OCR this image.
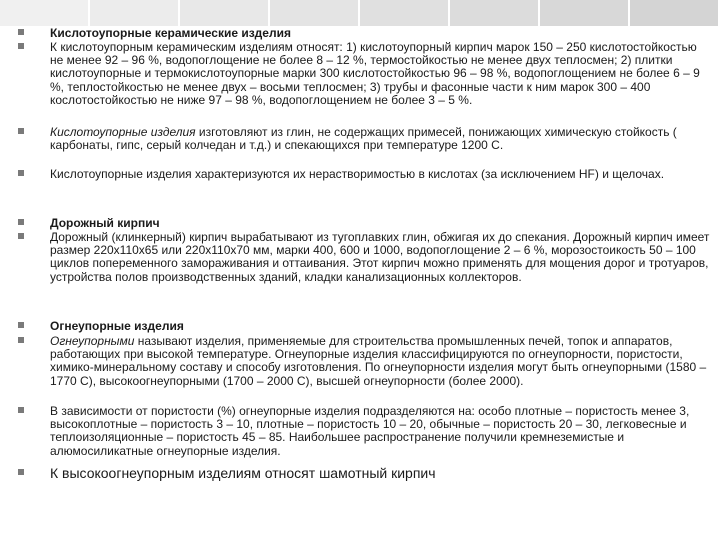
Кислотоупорные керамические изделия

К кислотоупорным керамическим изделиям относят: 1) кислотоупорный кирпич марок 150 – 250 кислотостойкостью не менее 92 – 96 %, водопоглощение не более 8 – 12 %, термостойкостью не менее двух теплосмен; 2) плитки кислотоупорные и термокислотоупорные марки 300 кислотостойкостью 96 – 98 %, водопоглощением не более 6 – 9 %, теплостойкостью не менее двух – восьми теплосмен; 3) трубы и фасонные части к ним марок 300 – 400 кослотостойкостью не ниже 97 – 98 %, водопоглощением не более 3 – 5 %.

Кислотоупорные изделия изготовляют из глин, не содержащих примесей, понижающих химическую стойкость ( карбонаты, гипс, серый колчедан и т.д.) и спекающихся при температуре 1200 С.

Кислотоупорные изделия характеризуются их нерастворимостью в кислотах (за исключением HF) и щелочах.

Дорожный кирпич

Дорожный (клинкерный) кирпич вырабатывают из тугоплавких глин, обжигая их до спекания. Дорожный кирпич имеет размер 220x110x65 или 220x110x70 мм, марки 400, 600 и 1000, водопоглощение 2 – 6 %, морозостоикость 50 – 100 циклов попеременного замораживания и оттаивания. Этот кирпич можно применять для мощения дорог и тротуаров, устройства полов производственных зданий, кладки канализационных коллекторов.

Огнеупорные изделия

Огнеупорными называют изделия, применяемые для строительства промышленных печей, топок и аппаратов, работающих при высокой температуре. Огнеупорные изделия классифицируются по огнеупорности, пористости, химико-минеральному составу и способу изготовления. По огнеупорности изделия могут быть огнеупорными (1580 – 1770 С), высокоогнеупорными (1700 – 2000 С), высшей огнеупорности (более 2000).

В зависимости от пористости (%) огнеупорные изделия подразделяются на: особо плотные – пористость менее 3, высокоплотные – пористость 3 – 10, плотные – пористость 10 – 20, обычные – пористость 20 – 30, легковесные и теплоизоляционные – пористость 45 – 85. Наибольшее распространение получили кремнеземистые и алюмосиликатные огнеупорные изделия.

К высокоогнеупорным изделиям относят шамотный кирпич
